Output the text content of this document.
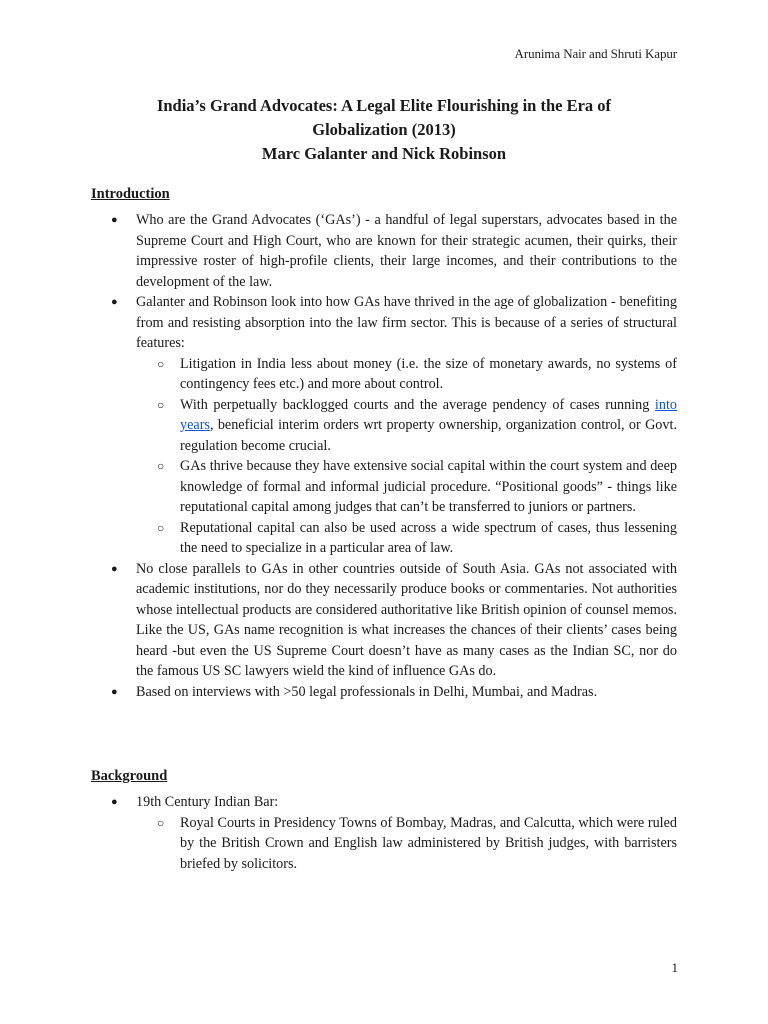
Arunima Nair and Shruti Kapur
India’s Grand Advocates: A Legal Elite Flourishing in the Era of
Globalization (2013)
Marc Galanter and Nick Robinson
Introduction
● Who are the Grand Advocates (‘GAs’) - a handful of legal superstars, advocates based in the Supreme Court and High Court, who are known for their strategic acumen, their quirks, their impressive roster of high-profile clients, their large incomes, and their contributions to the development of the law.
● Galanter and Robinson look into how GAs have thrived in the age of globalization - benefiting from and resisting absorption into the law firm sector. This is because of a series of structural features:
○ Litigation in India less about money (i.e. the size of monetary awards, no systems of contingency fees etc.) and more about control.
○ With perpetually backlogged courts and the average pendency of cases running into years, beneficial interim orders wrt property ownership, organization control, or Govt. regulation become crucial.
○ GAs thrive because they have extensive social capital within the court system and deep knowledge of formal and informal judicial procedure. “Positional goods” - things like reputational capital among judges that can’t be transferred to juniors or partners.
○ Reputational capital can also be used across a wide spectrum of cases, thus lessening the need to specialize in a particular area of law.
● No close parallels to GAs in other countries outside of South Asia. GAs not associated with academic institutions, nor do they necessarily produce books or commentaries. Not authorities whose intellectual products are considered authoritative like British opinion of counsel memos. Like the US, GAs name recognition is what increases the chances of their clients’ cases being heard -but even the US Supreme Court doesn’t have as many cases as the Indian SC, nor do the famous US SC lawyers wield the kind of influence GAs do.
● Based on interviews with >50 legal professionals in Delhi, Mumbai, and Madras.
Background
● 19th Century Indian Bar:
○ Royal Courts in Presidency Towns of Bombay, Madras, and Calcutta, which were ruled by the British Crown and English law administered by British judges, with barristers briefed by solicitors.
1
